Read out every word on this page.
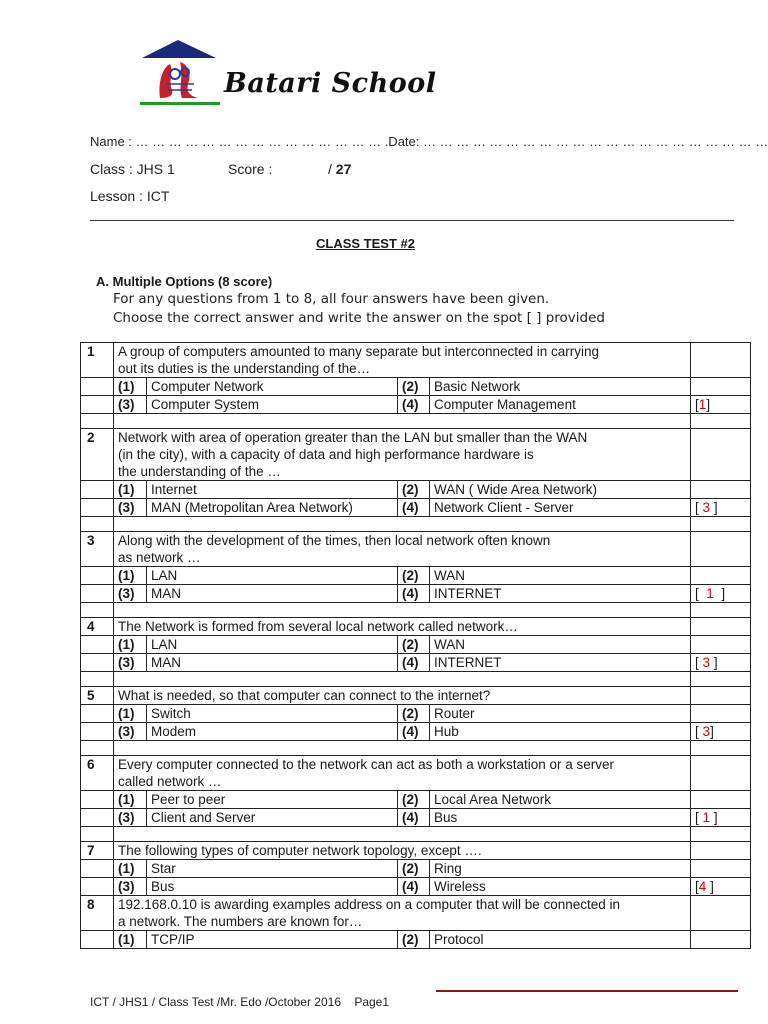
Batari School
Name : … … … … … … … … … … … … … … … .Date: … … … … … … … … … … … … … … … … … … … … …
Class : JHS 1	Score :	/ 27
Lesson : ICT
CLASS TEST #2
A. Multiple Options (8 score)
For any questions from 1 to 8, all four answers have been given.
Choose the correct answer and write the answer on the spot [ ] provided
1	A group of computers amounted to many separate but interconnected in carrying
out its duties is the understanding of the…				
	(1)	Computer Network	(2)	Basic Network	
	(3)	Computer System	(4)	Computer Management	[1]

2	Network with area of operation greater than the LAN but smaller than the WAN
(in the city), with a capacity of data and high performance hardware is
the understanding of the …				
	(1)	Internet	(2)	WAN ( Wide Area Network)	
	(3)	MAN (Metropolitan Area Network)	(4)	Network Client - Server	[ 3 ]

3	Along with the development of the times, then local network often known
as network …				
	(1)	LAN	(2)	WAN	
	(3)	MAN	(4)	INTERNET	[  1  ]

4	The Network is formed from several local network called network…				
	(1)	LAN	(2)	WAN	
	(3)	MAN	(4)	INTERNET	[ 3 ]

5	What is needed, so that computer can connect to the internet?				
	(1)	Switch	(2)	Router	
	(3)	Modem	(4)	Hub	[ 3]

6	Every computer connected to the network can act as both a workstation or a server
called network …				
	(1)	Peer to peer	(2)	Local Area Network	
	(3)	Client and Server	(4)	Bus	[ 1 ]

7	The following types of computer network topology, except ….				
	(1)	Star	(2)	Ring	
	(3)	Bus	(4)	Wireless	[4 ]
8	192.168.0.10 is awarding examples address on a computer that will be connected in
a network. The numbers are known for…				
	(1)	TCP/IP	(2)	Protocol	
ICT / JHS1 / Class Test /Mr. Edo /October 2016    Page1
